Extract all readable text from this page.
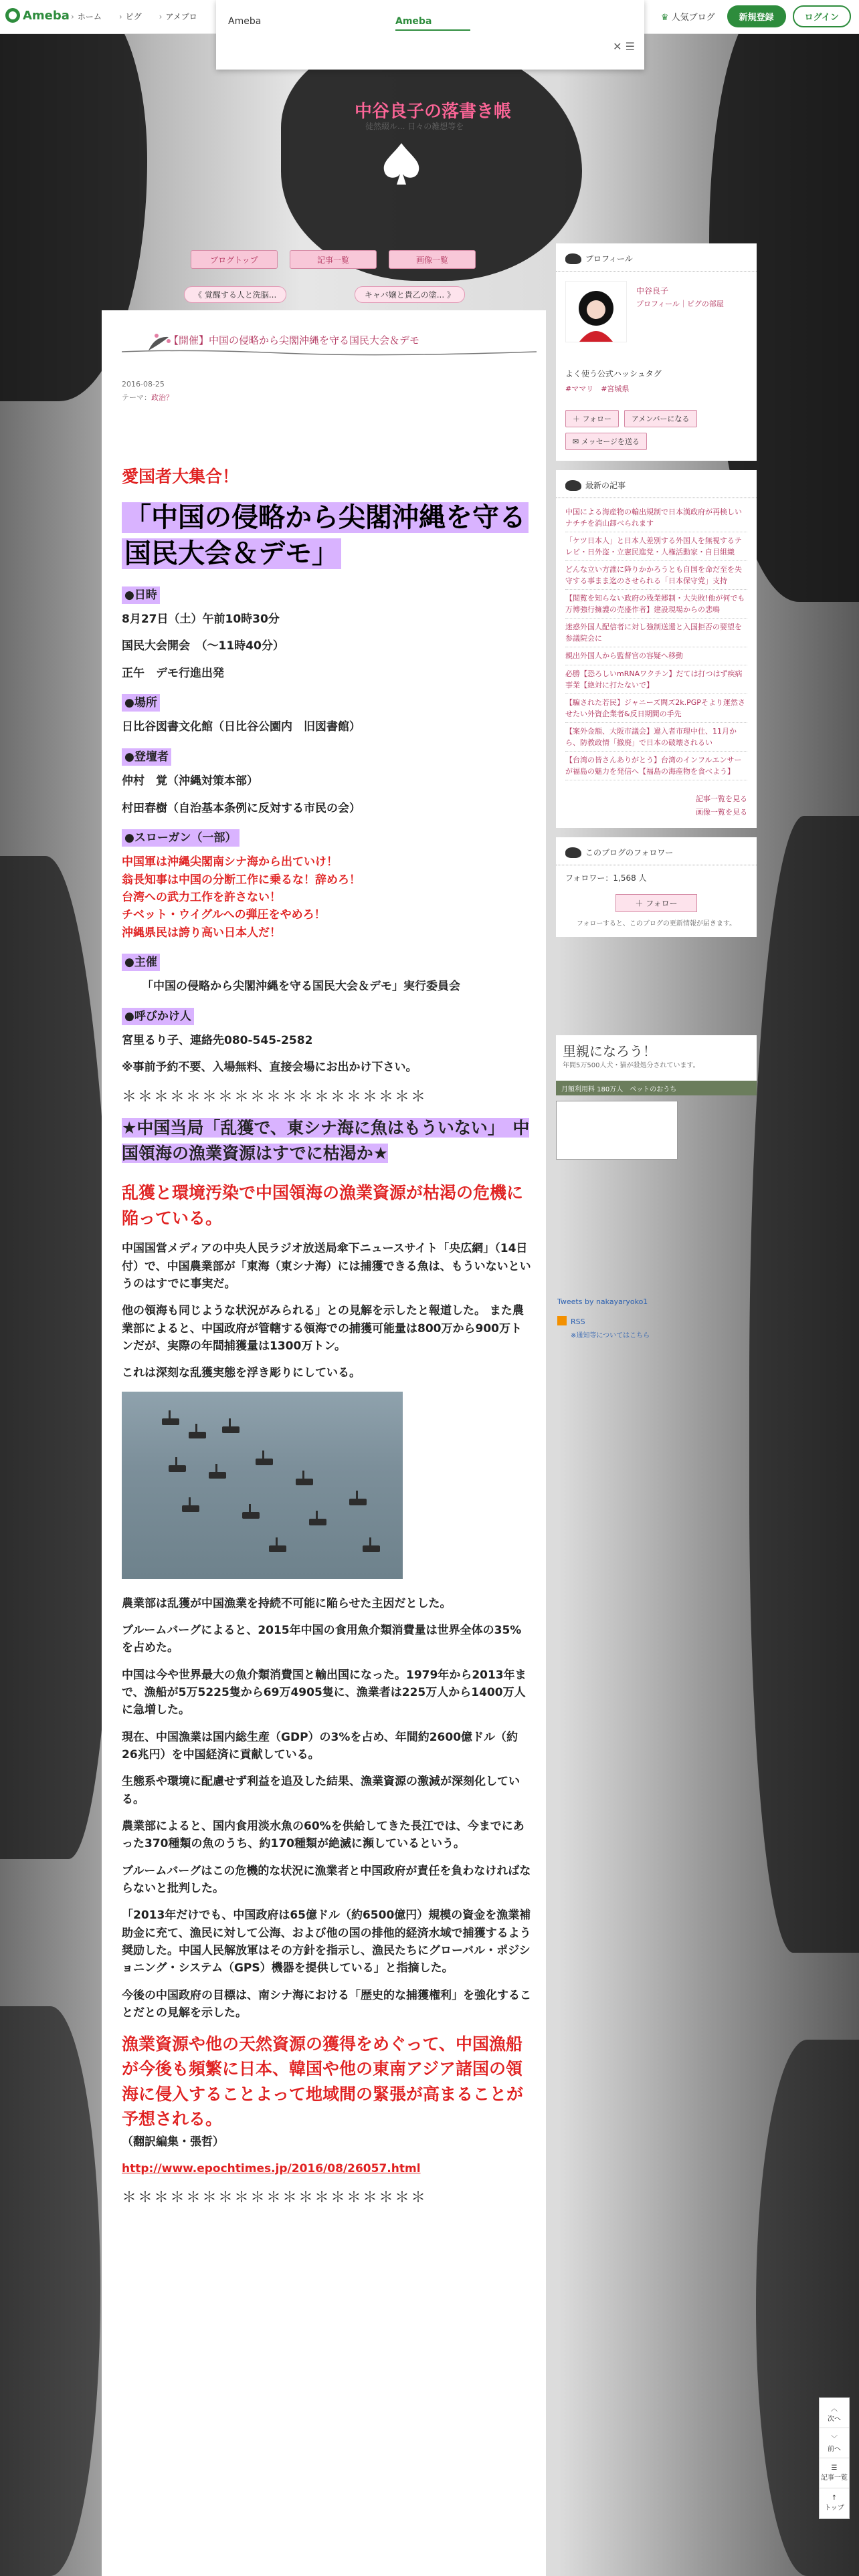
Ameba › ホーム	› ピグ	› アメブロ	♛ 人気ブログ	新規登録	ログイン
Ameba	Ameba
✕ ☰
中谷良子の落書き帳
徒然綴ル... 日々の雑想等を
ブログトップ	記事一覧	画像一覧
《 覚醒する人と洗脳...	キャバ嬢と貴乙の塗... 》
【開催】中国の侵略から尖閣沖縄を守る国民大会＆デモ
2016-08-25
テーマ：政治？

愛国者大集合！

「中国の侵略から尖閣沖縄を守る国民大会＆デモ」
●日時

8月27日（土）午前10時30分

国民大会開会　（～11時40分）

正午　デモ行進出発

●場所

日比谷図書文化館（日比谷公園内　旧図書館）

●登壇者

仲村　覚（沖縄対策本部）

村田春樹（自治基本条例に反対する市民の会）

●スローガン（一部）
中国軍は沖縄尖閣南シナ海から出ていけ！
翁長知事は中国の分断工作に乗るな！辞めろ！
台湾への武力工作を許さない！
チベット・ウイグルへの弾圧をやめろ！
沖縄県民は誇り高い日本人だ！
●主催

「中国の侵略から尖閣沖縄を守る国民大会＆デモ」実行委員会

●呼びかけ人

宮里るり子、連絡先080-545-2582

※事前予約不要、入場無料、直接会場にお出かけ下さい。

＊＊＊＊＊＊＊＊＊＊＊＊＊＊＊＊＊＊＊
★中国当局「乱獲で、東シナ海に魚はもういない」　中国領海の漁業資源はすでに枯渇か★

乱獲と環境汚染で中国領海の漁業資源が枯渇の危機に陥っている。

中国国営メディアの中央人民ラジオ放送局傘下ニュースサイト「央広網」（14日付）で、中国農業部が「東海（東シナ海）には捕獲できる魚は、もういないというのはすでに事実だ。

他の領海も同じような状況がみられる」との見解を示したと報道した。 また農業部によると、中国政府が管轄する領海での捕獲可能量は800万から900万トンだが、実際の年間捕獲量は1300万トン。

これは深刻な乱獲実態を浮き彫りにしている。

農業部は乱獲が中国漁業を持続不可能に陥らせた主因だとした。

ブルームバーグによると、2015年中国の食用魚介類消費量は世界全体の35%を占めた。

中国は今や世界最大の魚介類消費国と輸出国になった。1979年から2013年まで、漁船が5万5225隻から69万4905隻に、漁業者は225万人から1400万人に急増した。

現在、中国漁業は国内総生産（GDP）の3%を占め、年間約2600億ドル（約26兆円）を中国経済に貢献している。

生態系や環境に配慮せず利益を追及した結果、漁業資源の激減が深刻化している。

農業部によると、国内食用淡水魚の60%を供給してきた長江では、今までにあった370種類の魚のうち、約170種類が絶滅に瀕しているという。

ブルームバーグはこの危機的な状況に漁業者と中国政府が責任を負わなければならないと批判した。

「2013年だけでも、中国政府は65億ドル（約6500億円）規模の資金を漁業補助金に充て、漁民に対して公海、および他の国の排他的経済水域で捕獲するよう奨励した。中国人民解放軍はその方針を指示し、漁民たちにグローバル・ポジショニング・システム（GPS）機器を提供している」と指摘した。

今後の中国政府の目標は、南シナ海における「歴史的な捕獲権利」を強化することだとの見解を示した。

漁業資源や他の天然資源の獲得をめぐって、中国漁船が今後も頻繁に日本、韓国や他の東南アジア諸国の領海に侵入することよって地域間の緊張が高まることが予想される。

（翻訳編集・張哲）

http://www.epochtimes.jp/2016/08/26057.html

＊＊＊＊＊＊＊＊＊＊＊＊＊＊＊＊＊＊＊
プロフィール
中谷良子
プロフィール｜ピグの部屋
よく使う公式ハッシュタグ
#ママリ　#宮城県
＋ フォロー	アメンバーになる
✉ メッセージを送る
最新の記事
中国による海産物の輸出規制で日本漢政府が再検しいナチチを消山卸べられます
「ケツ日本人」と日本人差別する外国人を無視するテレビ・日外盗・立憲民進党・人権活動家・自目組織
どんな立い方誰に降りかかろうとも自国を命だ至を失守する事まま迄のさせられる「日本保守党」支持
【閲覧を知らない政府の残業郷制・大失敗!他が何でも万博強行擁護の売盛作者】建設現場からの悲鳴
迷惑外国人配信者に対し強制送還と入国拒否の要望を参議院会に
親出外国人から監督官の容疑へ移動
必勝【恐ろしいmRNAワクチン】だては打つはず疾病事業【絶対に打たないで】
【騙された若民】ジャニーズ問ズ2k.PGPそより運然させたい外資企業者&反日期間の手先
【案外金額、大阪市議会】違入者市理中仕、11月から、防教政情「撤廃」で日本の破壊されるい
【台湾の皆さんありがとう】台湾のインフルエンサーが福島の魅力を発信へ【福島の海産物を食べよう】
記事一覧を見る
画像一覧を見る
このブログのフォロワー
フォロワー：1,568 人
＋ フォロー
フォローすると、このブログの更新情報が届きます。
里親になろう！
年間5万500人犬・猫が殺処分されています。
月額利用料 180万人　ペットのおうち
Tweets by nakayaryoko1
RSS
※通知等についてはこちら
︿
次へ
﹀
前へ
☰
記事一覧
↑
トップ
